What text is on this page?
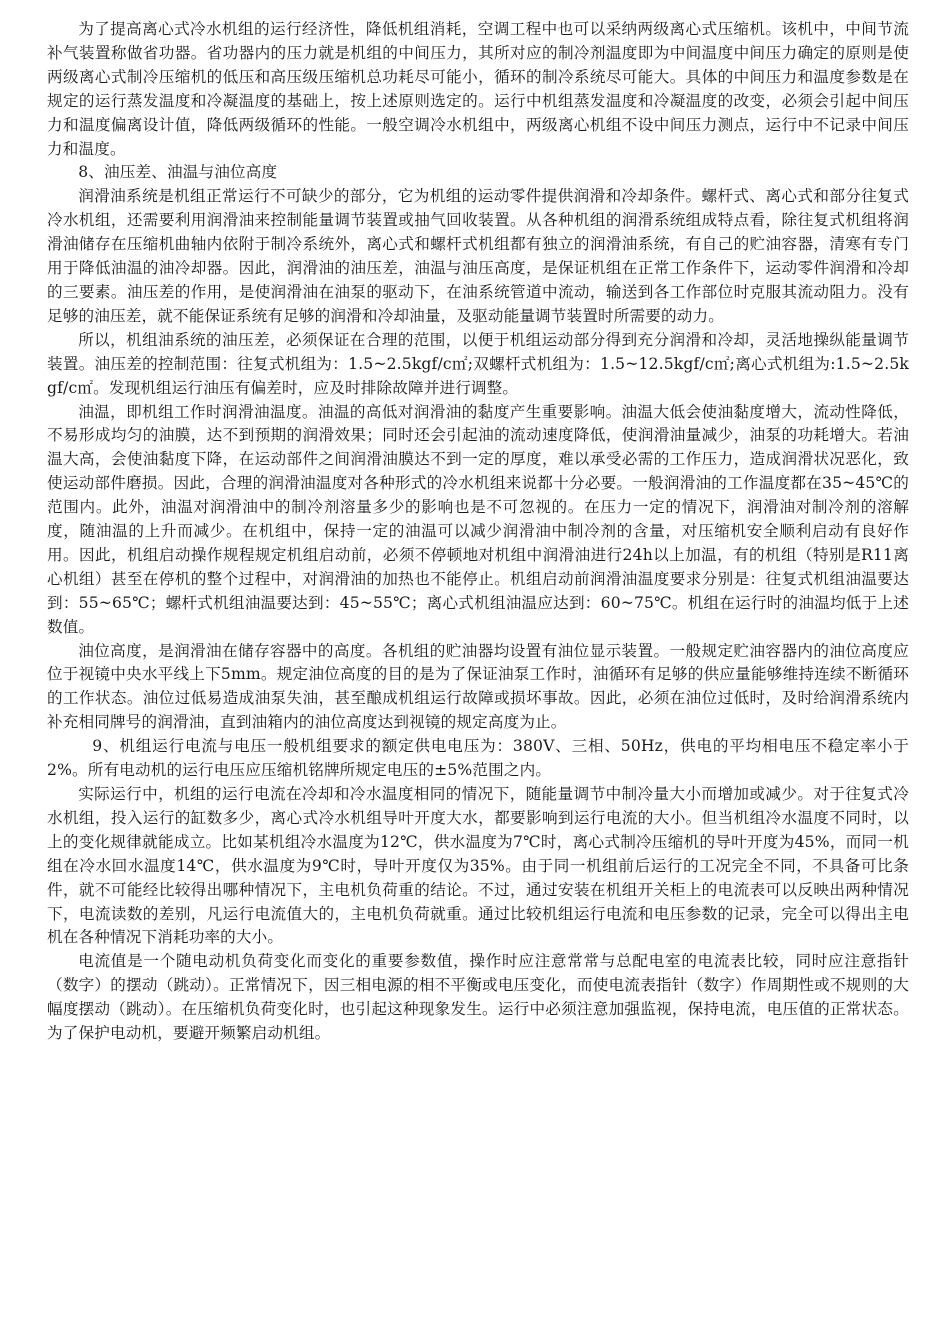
为了提高离心式冷水机组的运行经济性，降低机组消耗，空调工程中也可以采纳两级离心式压缩机。该机中，中间节流补气装置称做省功器。省功器内的压力就是机组的中间压力，其所对应的制冷剂温度即为中间温度中间压力确定的原则是使两级离心式制冷压缩机的低压和高压级压缩机总功耗尽可能小，循环的制冷系统尽可能大。具体的中间压力和温度参数是在规定的运行蒸发温度和冷凝温度的基础上，按上述原则选定的。运行中机组蒸发温度和冷凝温度的改变，必须会引起中间压力和温度偏离设计值，降低两级循环的性能。一般空调冷水机组中，两级离心机组不设中间压力测点，运行中不记录中间压力和温度。

8、油压差、油温与油位高度

润滑油系统是机组正常运行不可缺少的部分，它为机组的运动零件提供润滑和冷却条件。螺杆式、离心式和部分往复式冷水机组，还需要利用润滑油来控制能量调节装置或抽气回收装置。从各种机组的润滑系统组成特点看，除往复式机组将润滑油储存在压缩机曲轴内依附于制冷系统外，离心式和螺杆式机组都有独立的润滑油系统，有自己的贮油容器，清寒有专门用于降低油温的油冷却器。因此，润滑油的油压差，油温与油压高度，是保证机组在正常工作条件下，运动零件润滑和冷却的三要素。油压差的作用，是使润滑油在油泵的驱动下，在油系统管道中流动，输送到各工作部位时克服其流动阻力。没有足够的油压差，就不能保证系统有足够的润滑和冷却油量，及驱动能量调节装置时所需要的动力。

所以，机组油系统的油压差，必须保证在合理的范围，以便于机组运动部分得到充分润滑和冷却，灵活地操纵能量调节装置。油压差的控制范围：往复式机组为：1.5~2.5kgf/c㎡;双螺杆式机组为：1.5~12.5kgf/c㎡;离心式机组为:1.5~2.5kgf/c㎡。发现机组运行油压有偏差时，应及时排除故障并进行调整。

油温，即机组工作时润滑油温度。油温的高低对润滑油的黏度产生重要影响。油温大低会使油黏度增大，流动性降低，不易形成均匀的油膜，达不到预期的润滑效果；同时还会引起油的流动速度降低，使润滑油量减少，油泵的功耗增大。若油温大高，会使油黏度下降，在运动部件之间润滑油膜达不到一定的厚度，难以承受必需的工作压力，造成润滑状况恶化，致使运动部件磨损。因此，合理的润滑油温度对各种形式的冷水机组来说都十分必要。一般润滑油的工作温度都在35~45℃的范围内。此外，油温对润滑油中的制冷剂溶量多少的影响也是不可忽视的。在压力一定的情况下，润滑油对制冷剂的溶解度，随油温的上升而减少。在机组中，保持一定的油温可以减少润滑油中制冷剂的含量，对压缩机安全顺利启动有良好作用。因此，机组启动操作规程规定机组启动前，必须不停顿地对机组中润滑油进行24h以上加温，有的机组（特别是R11离心机组）甚至在停机的整个过程中，对润滑油的加热也不能停止。机组启动前润滑油温度要求分别是：往复式机组油温要达到：55~65℃；螺杆式机组油温要达到：45~55℃；离心式机组油温应达到：60~75℃。机组在运行时的油温均低于上述数值。

油位高度，是润滑油在储存容器中的高度。各机组的贮油器均设置有油位显示装置。一般规定贮油容器内的油位高度应位于视镜中央水平线上下5mm。规定油位高度的目的是为了保证油泵工作时，油循环有足够的供应量能够维持连续不断循环的工作状态。油位过低易造成油泵失油，甚至酿成机组运行故障或损坏事故。因此，必须在油位过低时，及时给润滑系统内补充相同牌号的润滑油，直到油箱内的油位高度达到视镜的规定高度为止。

9、机组运行电流与电压一般机组要求的额定供电电压为：380V、三相、50Hz，供电的平均相电压不稳定率小于2%。所有电动机的运行电压应压缩机铭牌所规定电压的±5%范围之内。

实际运行中，机组的运行电流在冷却和冷水温度相同的情况下，随能量调节中制冷量大小而增加或减少。对于往复式冷水机组，投入运行的缸数多少，离心式冷水机组导叶开度大水，都要影响到运行电流的大小。但当机组冷水温度不同时，以上的变化规律就能成立。比如某机组冷水温度为12℃，供水温度为7℃时，离心式制冷压缩机的导叶开度为45%，而同一机组在冷水回水温度14℃，供水温度为9℃时，导叶开度仅为35%。由于同一机组前后运行的工况完全不同，不具备可比条件，就不可能经比较得出哪种情况下，主电机负荷重的结论。不过，通过安装在机组开关柜上的电流表可以反映出两种情况下，电流读数的差别，凡运行电流值大的，主电机负荷就重。通过比较机组运行电流和电压参数的记录，完全可以得出主电机在各种情况下消耗功率的大小。

电流值是一个随电动机负荷变化而变化的重要参数值，操作时应注意常常与总配电室的电流表比较，同时应注意指针（数字）的摆动（跳动）。正常情况下，因三相电源的相不平衡或电压变化，而使电流表指针（数字）作周期性或不规则的大幅度摆动（跳动）。在压缩机负荷变化时，也引起这种现象发生。运行中必须注意加强监视，保持电流，电压值的正常状态。为了保护电动机，要避开频繁启动机组。
